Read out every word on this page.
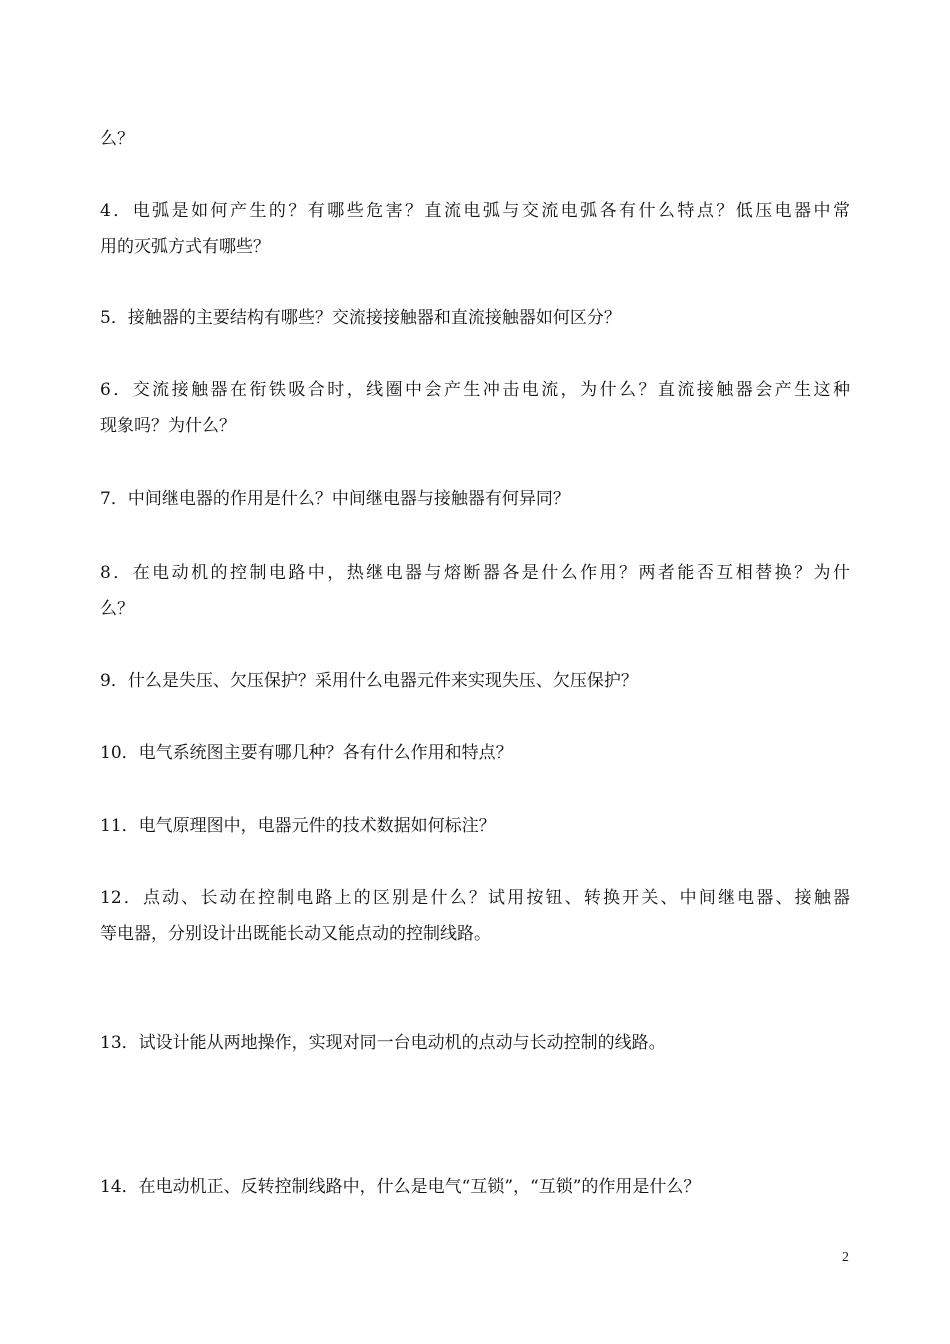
么？
4．电弧是如何产生的？有哪些危害？直流电弧与交流电弧各有什么特点？低压电器中常
用的灭弧方式有哪些？
5．接触器的主要结构有哪些？交流接接触器和直流接触器如何区分？
6．交流接触器在衔铁吸合时，线圈中会产生冲击电流，为什么？直流接触器会产生这种
现象吗？为什么？
7．中间继电器的作用是什么？中间继电器与接触器有何异同？
8．在电动机的控制电路中，热继电器与熔断器各是什么作用？两者能否互相替换？为什
么？
9．什么是失压、欠压保护？采用什么电器元件来实现失压、欠压保护？
10．电气系统图主要有哪几种？各有什么作用和特点？
11．电气原理图中，电器元件的技术数据如何标注？
12．点动、长动在控制电路上的区别是什么？试用按钮、转换开关、中间继电器、接触器
等电器，分别设计出既能长动又能点动的控制线路。
13．试设计能从两地操作，实现对同一台电动机的点动与长动控制的线路。
14．在电动机正、反转控制线路中，什么是电气“互锁”，“互锁”的作用是什么？
2
